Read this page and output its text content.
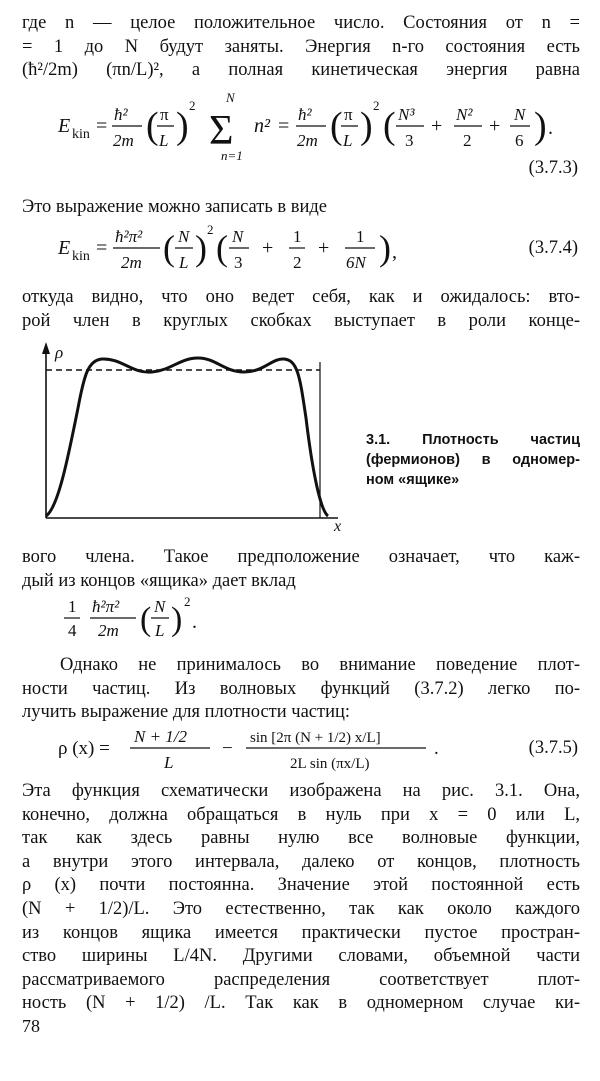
где n — целое положительное число. Состояния от n =
= 1 до N будут заняты. Энергия n-го состояния есть
(ħ²/2m) (πn/L)², а полная кинетическая энергия равна

E kin =
ħ²
2m ( π
L ) 2
N
Σ
n=1
n² =
ħ²
2m ( π
L ) 2 ( N³
3
+
N²
2
+
N
6 ) .
(3.7.3)

Это выражение можно записать в виде

E kin =
ħ²π²
2m ( N
L ) 2 ( N
3
+
1
2
+
1
6N ) ,	(3.7.4)

откуда видно, что оно ведет себя, как и ожидалось: вто-
рой член в круглых скобках выступает в роли конце-

ρ
x
3.1. Плотность частиц
(фермионов) в одномер-
ном «ящике»

вого члена. Такое предположение означает, что каж-
дый из концов «ящика» дает вклад

1
4
ħ²π²
2m ( N
L ) 2
.

Однако не принималось во внимание поведение плот-
ности частиц. Из волновых функций (3.7.2) легко по-
лучить выражение для плотности частиц:

ρ (x) =
N + 1/2
L
− sin [2π (N + 1/2) x/L]
2L sin (πx/L)
.	(3.7.5)

Эта функция схематически изображена на рис. 3.1. Она,
конечно, должна обращаться в нуль при x = 0 или L,
так как здесь равны нулю все волновые функции,
а внутри этого интервала, далеко от концов, плотность
ρ (x) почти постоянна. Значение этой постоянной есть
(N + 1/2)/L. Это естественно, так как около каждого
из концов ящика имеется практически пустое простран-
ство ширины L/4N. Другими словами, объемной части
рассматриваемого распределения соответствует плот-
ность (N + 1/2) /L. Так как в одномерном случае ки-

78
